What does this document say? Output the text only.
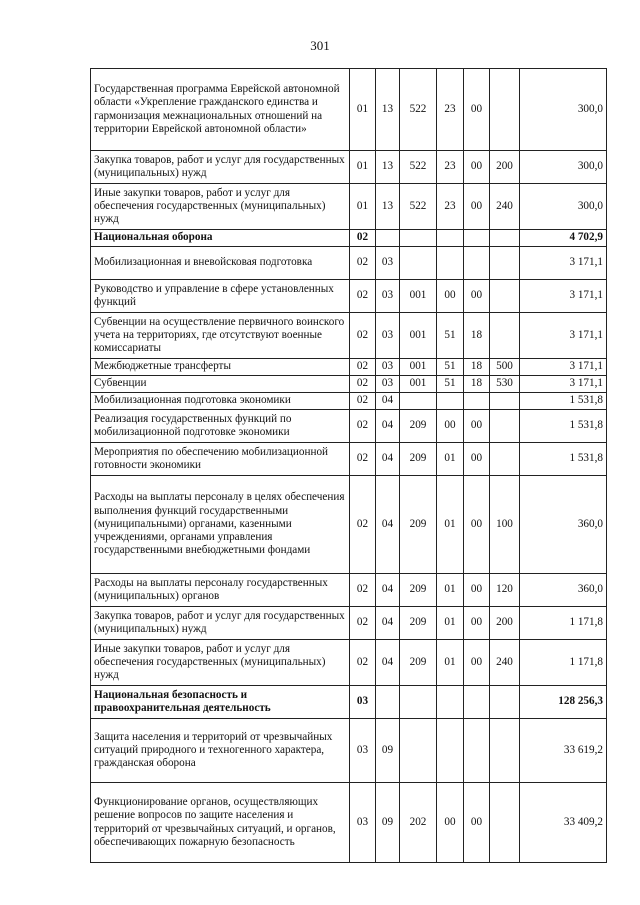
301
Государственная программа Еврейской автономной области «Укрепление гражданского единства и гармонизация межнациональных отношений на территории Еврейской автономной области»	01	13	522	23	00		300,0
Закупка товаров, работ и услуг для государственных (муниципальных) нужд	01	13	522	23	00	200	300,0
Иные закупки товаров, работ и услуг для обеспечения государственных (муниципальных) нужд	01	13	522	23	00	240	300,0
Национальная оборона	02						4 702,9
Мобилизационная и вневойсковая подготовка	02	03					3 171,1
Руководство и управление в сфере установленных функций	02	03	001	00	00		3 171,1
Субвенции на осуществление первичного воинского учета на территориях, где отсутствуют военные комиссариаты	02	03	001	51	18		3 171,1
Межбюджетные трансферты	02	03	001	51	18	500	3 171,1
Субвенции	02	03	001	51	18	530	3 171,1
Мобилизационная подготовка экономики	02	04					1 531,8
Реализация государственных функций по мобилизационной подготовке экономики	02	04	209	00	00		1 531,8
Мероприятия по обеспечению мобилизационной готовности экономики	02	04	209	01	00		1 531,8
Расходы на выплаты персоналу в целях обеспечения выполнения функций государственными (муниципальными) органами, казенными учреждениями, органами управления государственными внебюджетными фондами	02	04	209	01	00	100	360,0
Расходы на выплаты персоналу государственных (муниципальных) органов	02	04	209	01	00	120	360,0
Закупка товаров, работ и услуг для государственных (муниципальных) нужд	02	04	209	01	00	200	1 171,8
Иные закупки товаров, работ и услуг для обеспечения государственных (муниципальных) нужд	02	04	209	01	00	240	1 171,8
Национальная безопасность и правоохранительная деятельность	03						128 256,3
Защита населения и территорий от чрезвычайных ситуаций природного и техногенного характера, гражданская оборона	03	09					33 619,2
Функционирование органов, осуществляющих решение вопросов по защите населения и территорий от чрезвычайных ситуаций, и органов, обеспечивающих пожарную безопасность	03	09	202	00	00		33 409,2
